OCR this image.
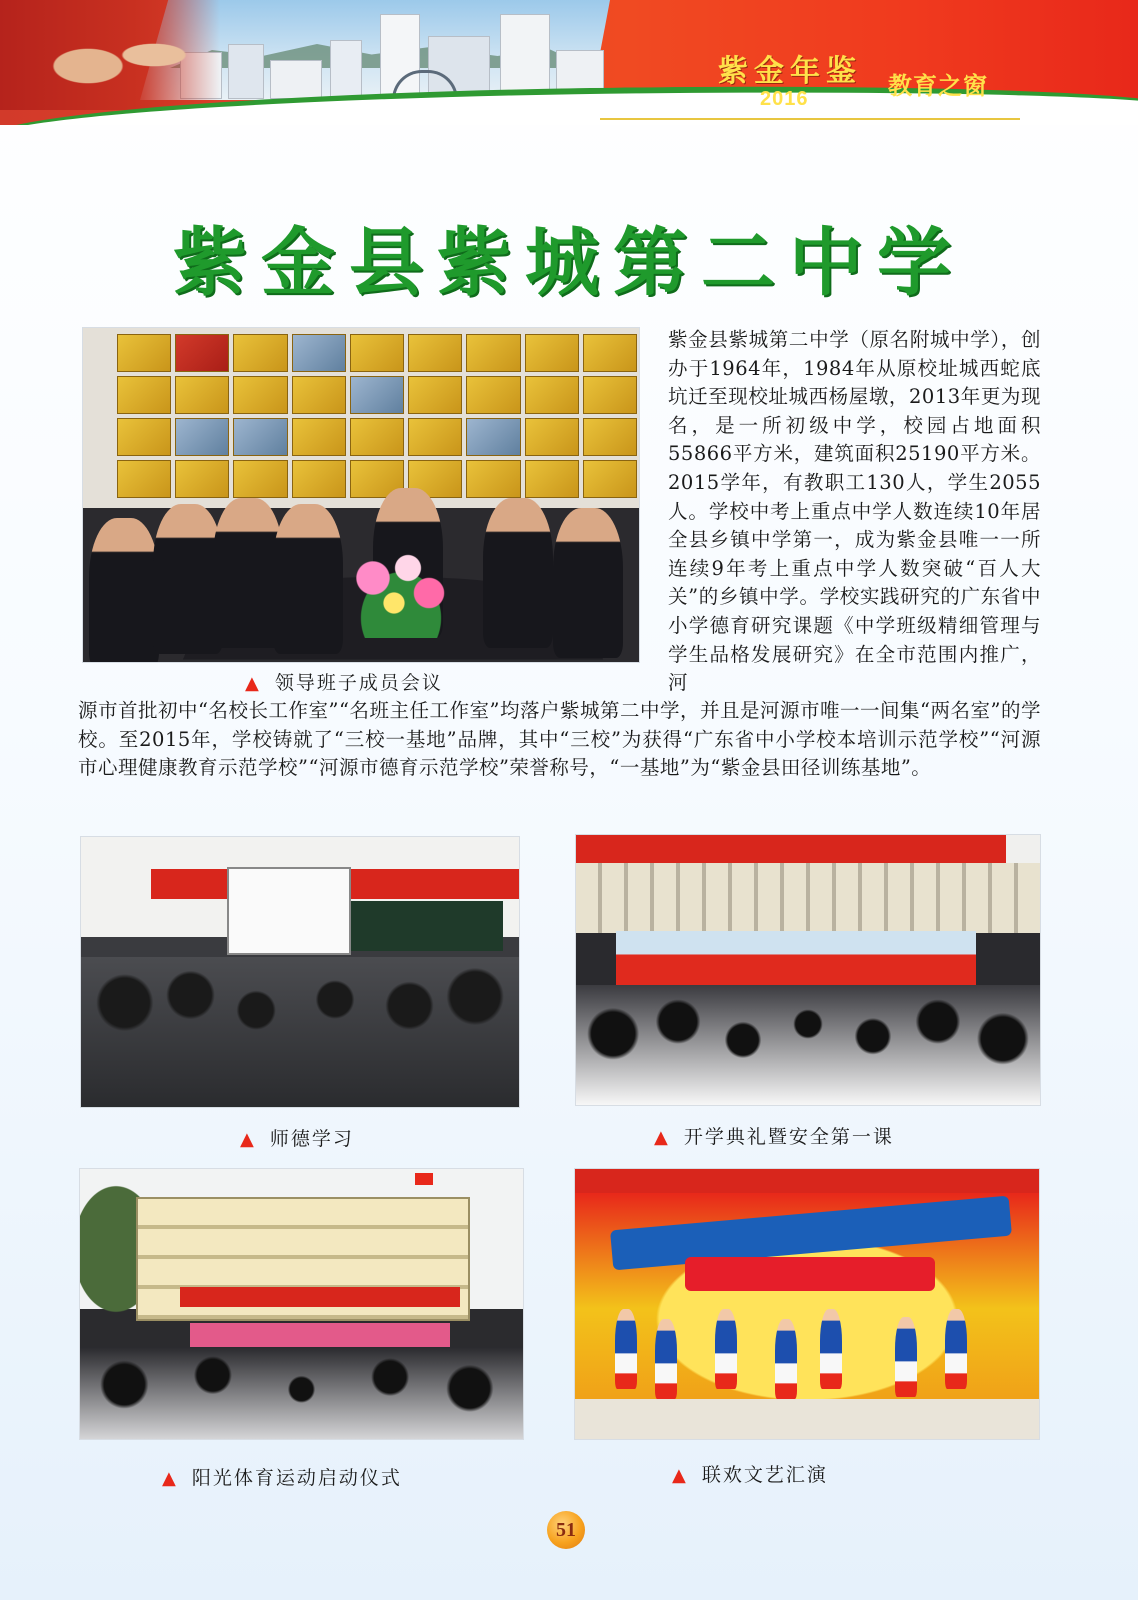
紫金年鉴
2016	教育之窗
紫金县紫城第二中学
▲ 领导班子成员会议
紫金县紫城第二中学（原名附城中学），创办于1964年，1984年从原校址城西蛇底坑迁至现校址城西杨屋墩，2013年更为现名，是一所初级中学，校园占地面积55866平方米，建筑面积25190平方米。2015学年，有教职工130人，学生2055人。学校中考上重点中学人数连续10年居全县乡镇中学第一，成为紫金县唯一一所连续9年考上重点中学人数突破“百人大关”的乡镇中学。学校实践研究的广东省中小学德育研究课题《中学班级精细管理与学生品格发展研究》在全市范围内推广，河
源市首批初中“名校长工作室”“名班主任工作室”均落户紫城第二中学，并且是河源市唯一一间集“两名室”的学校。至2015年，学校铸就了“三校一基地”品牌，其中“三校”为获得“广东省中小学校本培训示范学校”“河源市心理健康教育示范学校”“河源市德育示范学校”荣誉称号，“一基地”为“紫金县田径训练基地”。
▲ 师德学习	▲ 开学典礼暨安全第一课
▲ 阳光体育运动启动仪式	▲ 联欢文艺汇演
51
